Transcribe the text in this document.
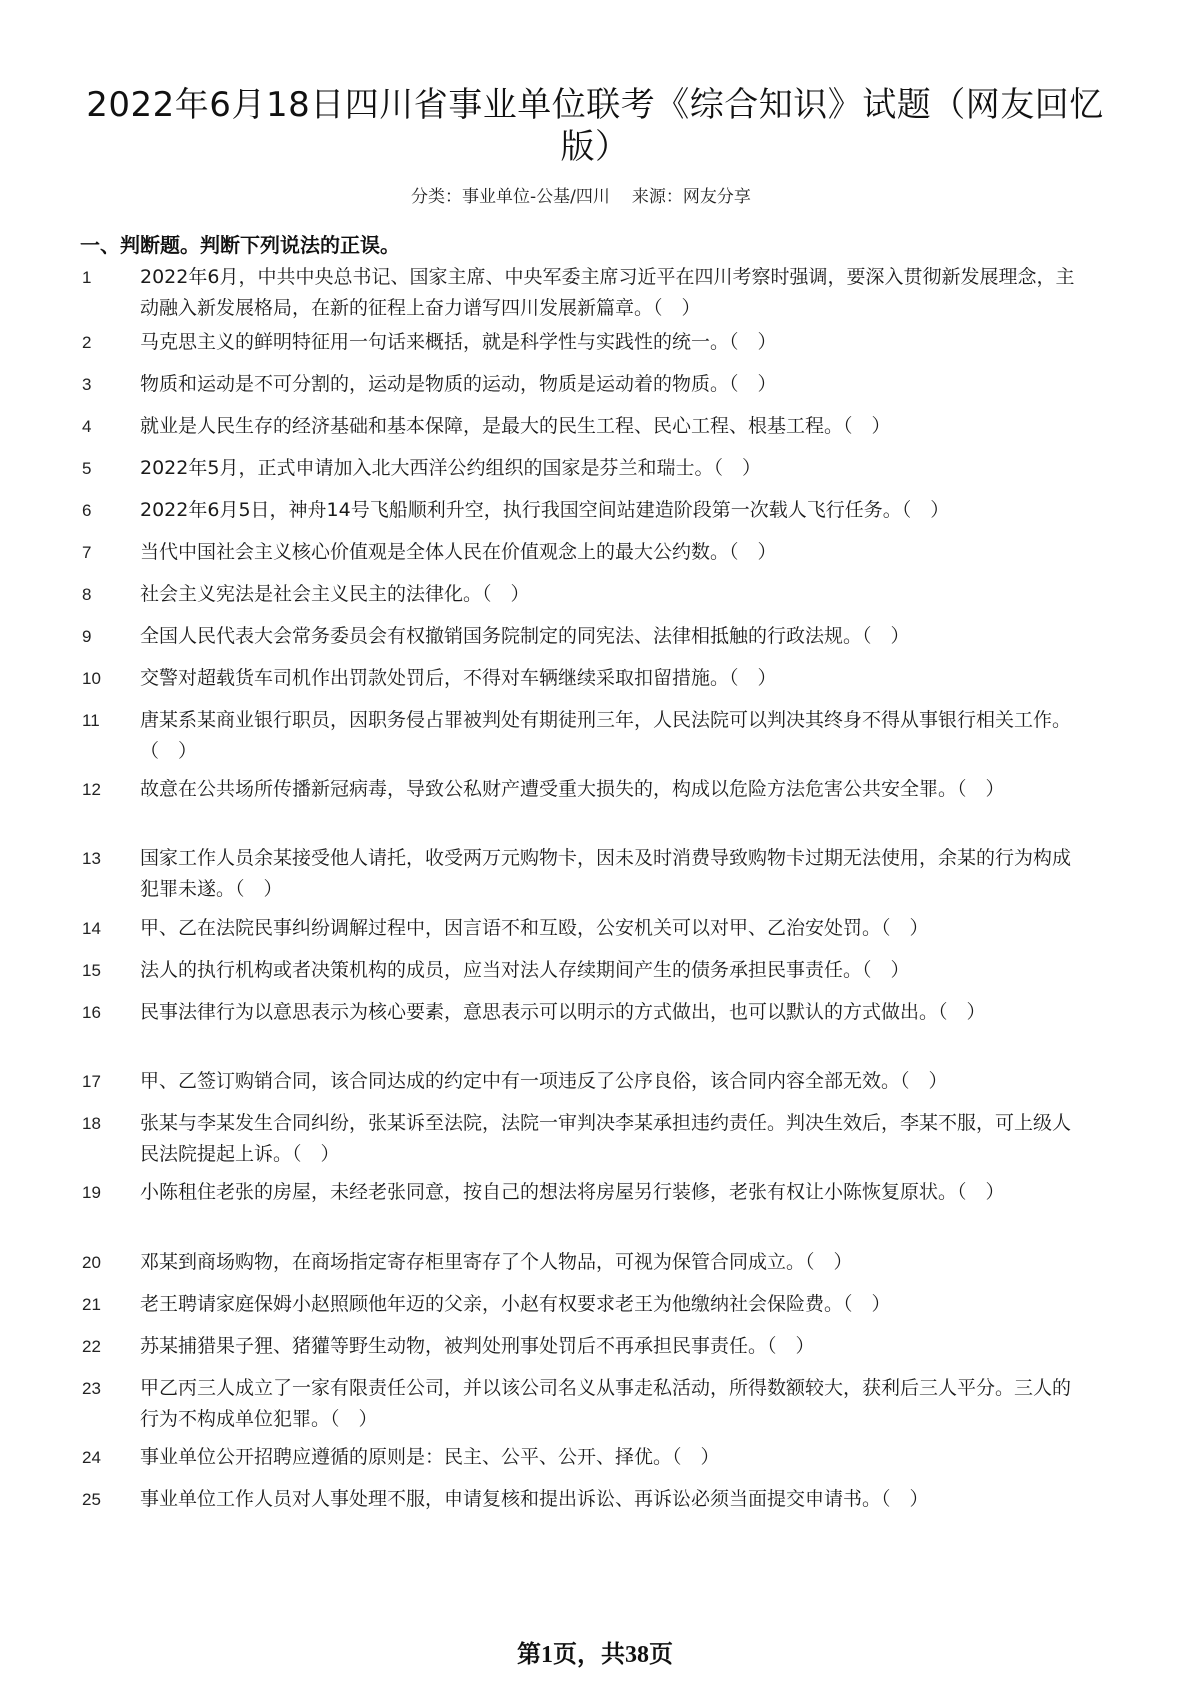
2022年6月18日四川省事业单位联考《综合知识》试题（网友回忆版）
分类：事业单位-公基/四川 来源：网友分享
一、判断题。判断下列说法的正误。
1	2022年6月，中共中央总书记、国家主席、中央军委主席习近平在四川考察时强调，要深入贯彻新发展理念，主动融入新发展格局，在新的征程上奋力谱写四川发展新篇章。（　）
2	马克思主义的鲜明特征用一句话来概括，就是科学性与实践性的统一。（　）
3	物质和运动是不可分割的，运动是物质的运动，物质是运动着的物质。（　）
4	就业是人民生存的经济基础和基本保障，是最大的民生工程、民心工程、根基工程。（　）
5	2022年5月，正式申请加入北大西洋公约组织的国家是芬兰和瑞士。（　）
6	2022年6月5日，神舟14号飞船顺利升空，执行我国空间站建造阶段第一次载人飞行任务。（　）
7	当代中国社会主义核心价值观是全体人民在价值观念上的最大公约数。（　）
8	社会主义宪法是社会主义民主的法律化。（　）
9	全国人民代表大会常务委员会有权撤销国务院制定的同宪法、法律相抵触的行政法规。（　）
10 交警对超载货车司机作出罚款处罚后，不得对车辆继续采取扣留措施。（　）
11 唐某系某商业银行职员，因职务侵占罪被判处有期徒刑三年，人民法院可以判决其终身不得从事银行相关工作。（　）
12 故意在公共场所传播新冠病毒，导致公私财产遭受重大损失的，构成以危险方法危害公共安全罪。（　）
13 国家工作人员余某接受他人请托，收受两万元购物卡，因未及时消费导致购物卡过期无法使用，余某的行为构成犯罪未遂。（　）
14 甲、乙在法院民事纠纷调解过程中，因言语不和互殴，公安机关可以对甲、乙治安处罚。（　）
15 法人的执行机构或者决策机构的成员，应当对法人存续期间产生的债务承担民事责任。（　）
16 民事法律行为以意思表示为核心要素，意思表示可以明示的方式做出，也可以默认的方式做出。（　）
17 甲、乙签订购销合同，该合同达成的约定中有一项违反了公序良俗，该合同内容全部无效。（　）
18 张某与李某发生合同纠纷，张某诉至法院，法院一审判决李某承担违约责任。判决生效后，李某不服，可上级人民法院提起上诉。（　）
19 小陈租住老张的房屋，未经老张同意，按自己的想法将房屋另行装修，老张有权让小陈恢复原状。（　）
20 邓某到商场购物，在商场指定寄存柜里寄存了个人物品，可视为保管合同成立。（　）
21 老王聘请家庭保姆小赵照顾他年迈的父亲，小赵有权要求老王为他缴纳社会保险费。（　）
22 苏某捕猎果子狸、猪獾等野生动物，被判处刑事处罚后不再承担民事责任。（　）
23 甲乙丙三人成立了一家有限责任公司，并以该公司名义从事走私活动，所得数额较大，获利后三人平分。三人的行为不构成单位犯罪。（　）
24 事业单位公开招聘应遵循的原则是：民主、公平、公开、择优。（　）
25 事业单位工作人员对人事处理不服，申请复核和提出诉讼、再诉讼必须当面提交申请书。（　）
第1页，共38页
